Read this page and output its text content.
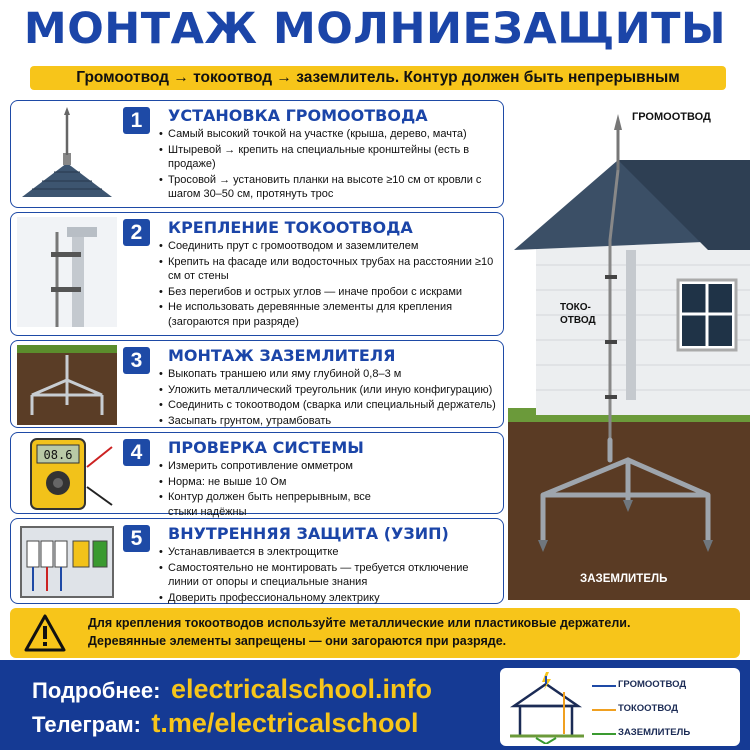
МОНТАЖ МОЛНИЕЗАЩИТЫ
Громоотвод → токоотвод → заземлитель. Контур должен быть непрерывным
1	УСТАНОВКА ГРОМООТВОДА
• Самый высокий точкой на участке (крыша, дерево, мачта)
• Штыревой → крепить на специальные кронштейны (есть в продаже)
• Тросовой → установить планки на высоте ≥10 см от кровли с шагом 30–50 см, протянуть трос
2	КРЕПЛЕНИЕ ТОКООТВОДА
• Соединить прут с громоотводом и заземлителем
• Крепить на фасаде или водосточных трубах на расстоянии ≥10 см от стены
• Без перегибов и острых углов — иначе пробои с искрами
• Не использовать деревянные элементы для крепления (загораются при разряде)
3	МОНТАЖ ЗАЗЕМЛИТЕЛЯ
• Выкопать траншею или яму глубиной 0,8–3 м
• Уложить металлический треугольник (или иную конфигурацию)
• Соединить с токоотводом (сварка или специальный держатель)
• Засыпать грунтом, утрамбовать
08.6	4	ПРОВЕРКА СИСТЕМЫ
• Измерить сопротивление омметром
• Норма: не выше 10 Ом
• Контур должен быть непрерывным, все стыки надёжны
5	ВНУТРЕННЯЯ ЗАЩИТА (УЗИП)
• Устанавливается в электрощитке
• Самостоятельно не монтировать — требуется отключение линии от опоры и специальные знания
• Доверить профессиональному электрику
ГРОМООТВОД
ТОКО-
ОТВОД
ЗАЗЕМЛИТЕЛЬ
Для крепления токоотводов используйте металлические или пластиковые держатели.
Деревянные элементы запрещены — они загораются при разряде.
Подробнее: electricalschool.info
Телеграм: t.me/electricalschool
ГРОМООТВОД
ТОКООТВОД
ЗАЗЕМЛИТЕЛЬ
